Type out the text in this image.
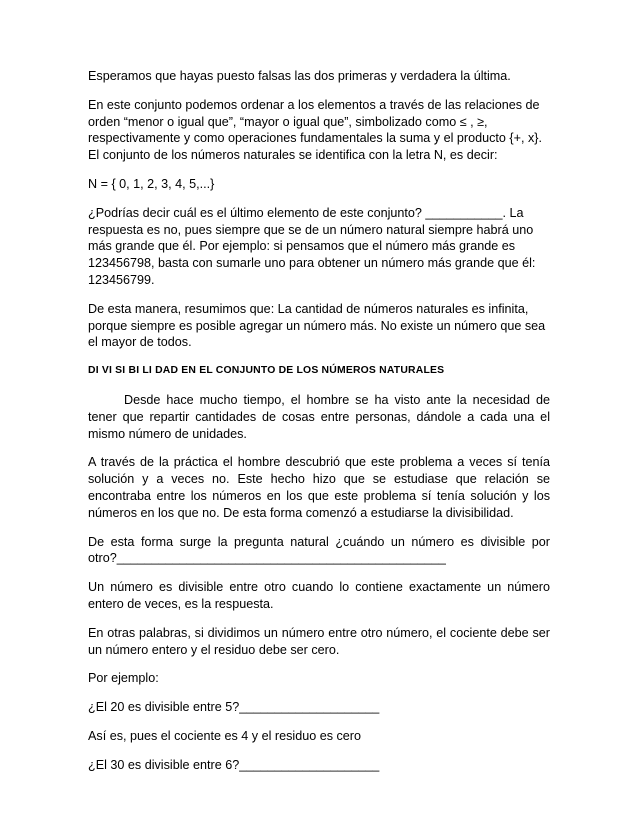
Esperamos que hayas puesto falsas las dos primeras y verdadera la última.

En este conjunto podemos ordenar a los elementos a través de las relaciones de
orden “menor o igual que”, “mayor o igual que”, simbolizado como ≤ , ≥,
respectivamente y como operaciones fundamentales la suma y el producto {+, x}.
El conjunto de los números naturales se identifica con la letra N, es decir:

N = { 0, 1, 2, 3, 4, 5,...}

¿Podrías decir cuál es el último elemento de este conjunto? ___________. La
respuesta es no, pues siempre que se de un número natural siempre habrá uno
más grande que él. Por ejemplo: si pensamos que el número más grande es
123456798, basta con sumarle uno para obtener un número más grande que él:
123456799.

De esta manera, resumimos que: La cantidad de números naturales es infinita,
porque siempre es posible agregar un número más. No existe un número que sea
el mayor de todos.

DI VI SI BI LI DAD EN EL CONJUNTO DE LOS NÚMEROS NATURALES

Desde hace mucho tiempo, el hombre se ha visto ante la necesidad de tener que repartir cantidades de cosas entre personas, dándole a cada una el mismo número de unidades.

A través de la práctica el hombre descubrió que este problema a veces sí tenía solución y a veces no. Este hecho hizo que se estudiase que relación se encontraba entre los números en los que este problema sí tenía solución y los números en los que no. De esta forma comenzó a estudiarse la divisibilidad.

De esta forma surge la pregunta natural ¿cuándo un número es divisible por
otro?_______________________________________________

Un número es divisible entre otro cuando lo contiene exactamente un número entero de veces, es la respuesta.

En otras palabras, si dividimos un número entre otro número, el cociente debe ser un número entero y el residuo debe ser cero.

Por ejemplo:

¿El 20 es divisible entre 5?____________________

Así es, pues el cociente es 4 y el residuo es cero

¿El 30 es divisible entre 6?____________________
